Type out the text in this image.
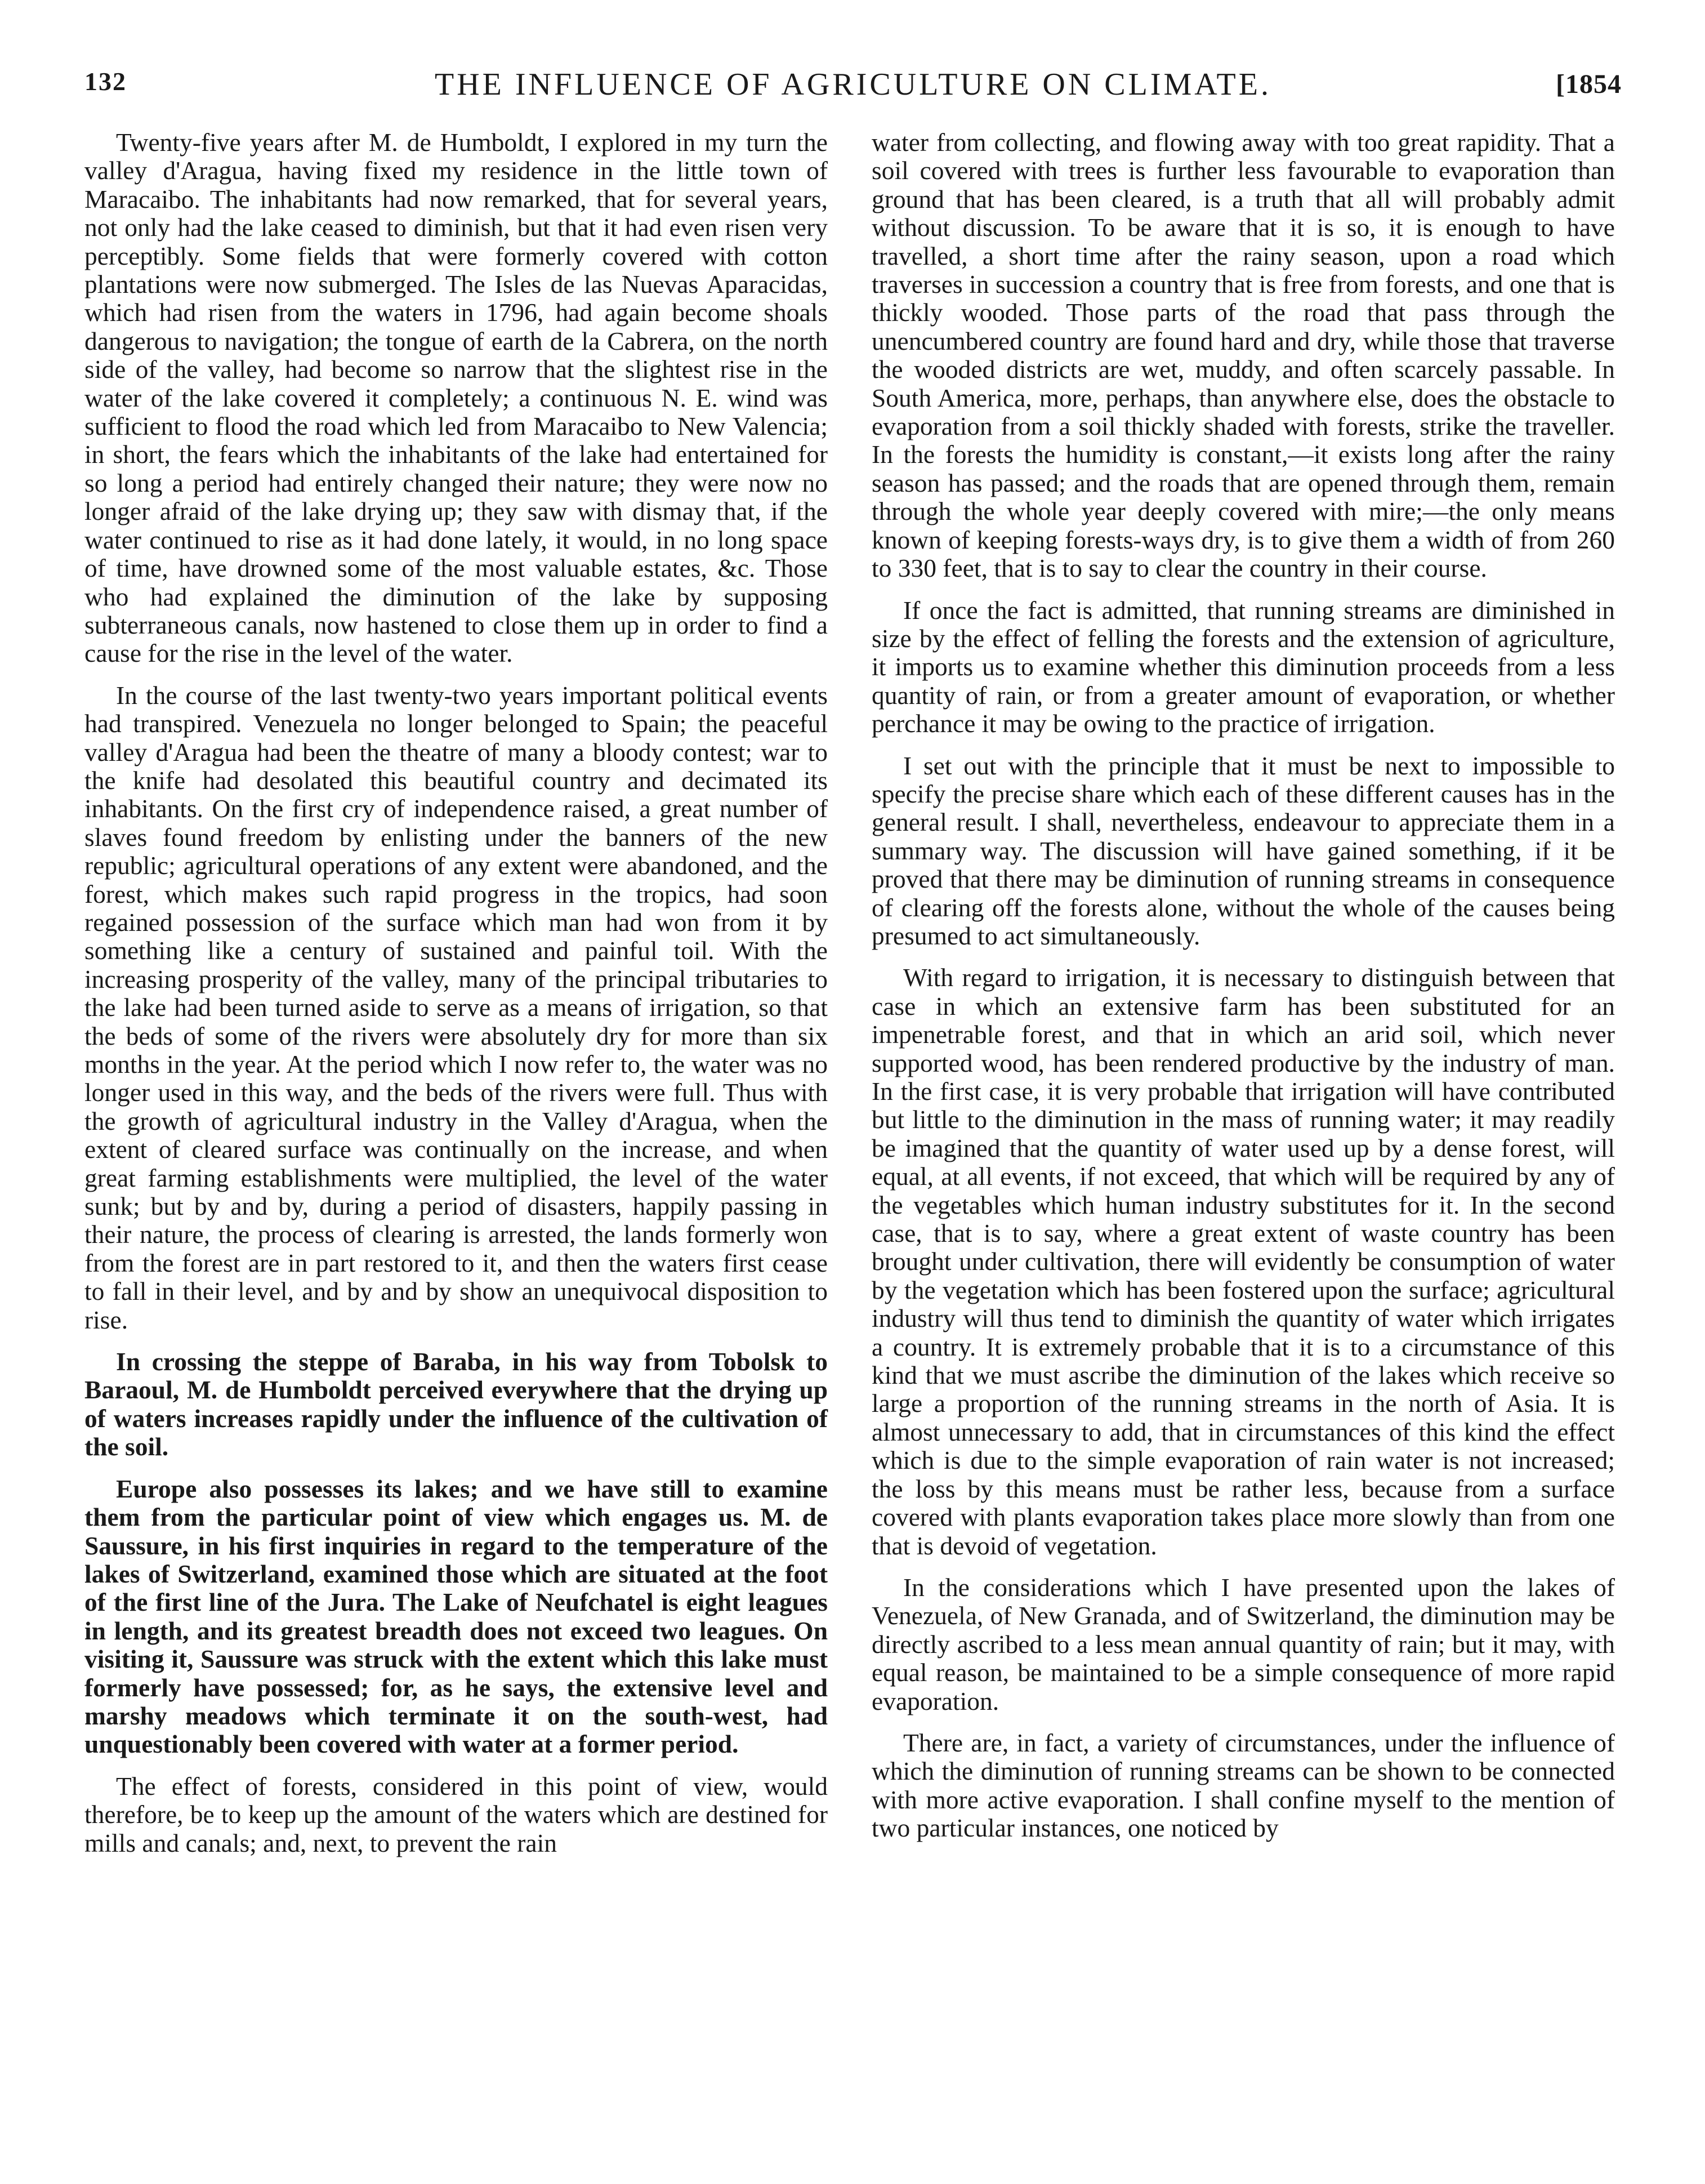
132	THE INFLUENCE OF AGRICULTURE ON CLIMATE.	[1854

Twenty-five years after M. de Humboldt, I explored in my turn the valley d'Aragua, having fixed my residence in the little town of Maracaibo. The inhabitants had now remarked, that for several years, not only had the lake ceased to diminish, but that it had even risen very perceptibly. Some fields that were formerly covered with cotton plantations were now submerged. The Isles de las Nuevas Aparacidas, which had risen from the waters in 1796, had again become shoals dangerous to navigation; the tongue of earth de la Cabrera, on the north side of the valley, had become so narrow that the slightest rise in the water of the lake covered it completely; a continuous N. E. wind was sufficient to flood the road which led from Maracaibo to New Valencia; in short, the fears which the inhabitants of the lake had entertained for so long a period had entirely changed their nature; they were now no longer afraid of the lake drying up; they saw with dismay that, if the water continued to rise as it had done lately, it would, in no long space of time, have drowned some of the most valuable estates, &c. Those who had explained the diminution of the lake by supposing subterraneous canals, now hastened to close them up in order to find a cause for the rise in the level of the water.

In the course of the last twenty-two years important political events had transpired. Venezuela no longer belonged to Spain; the peaceful valley d'Aragua had been the theatre of many a bloody contest; war to the knife had desolated this beautiful country and decimated its inhabitants. On the first cry of independence raised, a great number of slaves found freedom by enlisting under the banners of the new republic; agricultural operations of any extent were abandoned, and the forest, which makes such rapid progress in the tropics, had soon regained possession of the surface which man had won from it by something like a century of sustained and painful toil. With the increasing prosperity of the valley, many of the principal tributaries to the lake had been turned aside to serve as a means of irrigation, so that the beds of some of the rivers were absolutely dry for more than six months in the year. At the period which I now refer to, the water was no longer used in this way, and the beds of the rivers were full. Thus with the growth of agricultural industry in the Valley d'Aragua, when the extent of cleared surface was continually on the increase, and when great farming establishments were multiplied, the level of the water sunk; but by and by, during a period of disasters, happily passing in their nature, the process of clearing is arrested, the lands formerly won from the forest are in part restored to it, and then the waters first cease to fall in their level, and by and by show an unequivocal disposition to rise.

In crossing the steppe of Baraba, in his way from Tobolsk to Baraoul, M. de Humboldt perceived everywhere that the drying up of waters increases rapidly under the influence of the cultivation of the soil.

Europe also possesses its lakes; and we have still to examine them from the particular point of view which engages us. M. de Saussure, in his first inquiries in regard to the temperature of the lakes of Switzerland, examined those which are situated at the foot of the first line of the Jura. The Lake of Neufchatel is eight leagues in length, and its greatest breadth does not exceed two leagues. On visiting it, Saussure was struck with the extent which this lake must formerly have possessed; for, as he says, the extensive level and marshy meadows which terminate it on the south-west, had unquestionably been covered with water at a former period.

The effect of forests, considered in this point of view, would therefore, be to keep up the amount of the waters which are destined for mills and canals; and, next, to prevent the rain

water from collecting, and flowing away with too great rapidity. That a soil covered with trees is further less favourable to evaporation than ground that has been cleared, is a truth that all will probably admit without discussion. To be aware that it is so, it is enough to have travelled, a short time after the rainy season, upon a road which traverses in succession a country that is free from forests, and one that is thickly wooded. Those parts of the road that pass through the unencumbered country are found hard and dry, while those that traverse the wooded districts are wet, muddy, and often scarcely passable. In South America, more, perhaps, than anywhere else, does the obstacle to evaporation from a soil thickly shaded with forests, strike the traveller. In the forests the humidity is constant,—it exists long after the rainy season has passed; and the roads that are opened through them, remain through the whole year deeply covered with mire;—the only means known of keeping forests-ways dry, is to give them a width of from 260 to 330 feet, that is to say to clear the country in their course.

If once the fact is admitted, that running streams are diminished in size by the effect of felling the forests and the extension of agriculture, it imports us to examine whether this diminution proceeds from a less quantity of rain, or from a greater amount of evaporation, or whether perchance it may be owing to the practice of irrigation.

I set out with the principle that it must be next to impossible to specify the precise share which each of these different causes has in the general result. I shall, nevertheless, endeavour to appreciate them in a summary way. The discussion will have gained something, if it be proved that there may be diminution of running streams in consequence of clearing off the forests alone, without the whole of the causes being presumed to act simultaneously.

With regard to irrigation, it is necessary to distinguish between that case in which an extensive farm has been substituted for an impenetrable forest, and that in which an arid soil, which never supported wood, has been rendered productive by the industry of man. In the first case, it is very probable that irrigation will have contributed but little to the diminution in the mass of running water; it may readily be imagined that the quantity of water used up by a dense forest, will equal, at all events, if not exceed, that which will be required by any of the vegetables which human industry substitutes for it. In the second case, that is to say, where a great extent of waste country has been brought under cultivation, there will evidently be consumption of water by the vegetation which has been fostered upon the surface; agricultural industry will thus tend to diminish the quantity of water which irrigates a country. It is extremely probable that it is to a circumstance of this kind that we must ascribe the diminution of the lakes which receive so large a proportion of the running streams in the north of Asia. It is almost unnecessary to add, that in circumstances of this kind the effect which is due to the simple evaporation of rain water is not increased; the loss by this means must be rather less, because from a surface covered with plants evaporation takes place more slowly than from one that is devoid of vegetation.

In the considerations which I have presented upon the lakes of Venezuela, of New Granada, and of Switzerland, the diminution may be directly ascribed to a less mean annual quantity of rain; but it may, with equal reason, be maintained to be a simple consequence of more rapid evaporation.

There are, in fact, a variety of circumstances, under the influence of which the diminution of running streams can be shown to be connected with more active evaporation. I shall confine myself to the mention of two particular instances, one noticed by
